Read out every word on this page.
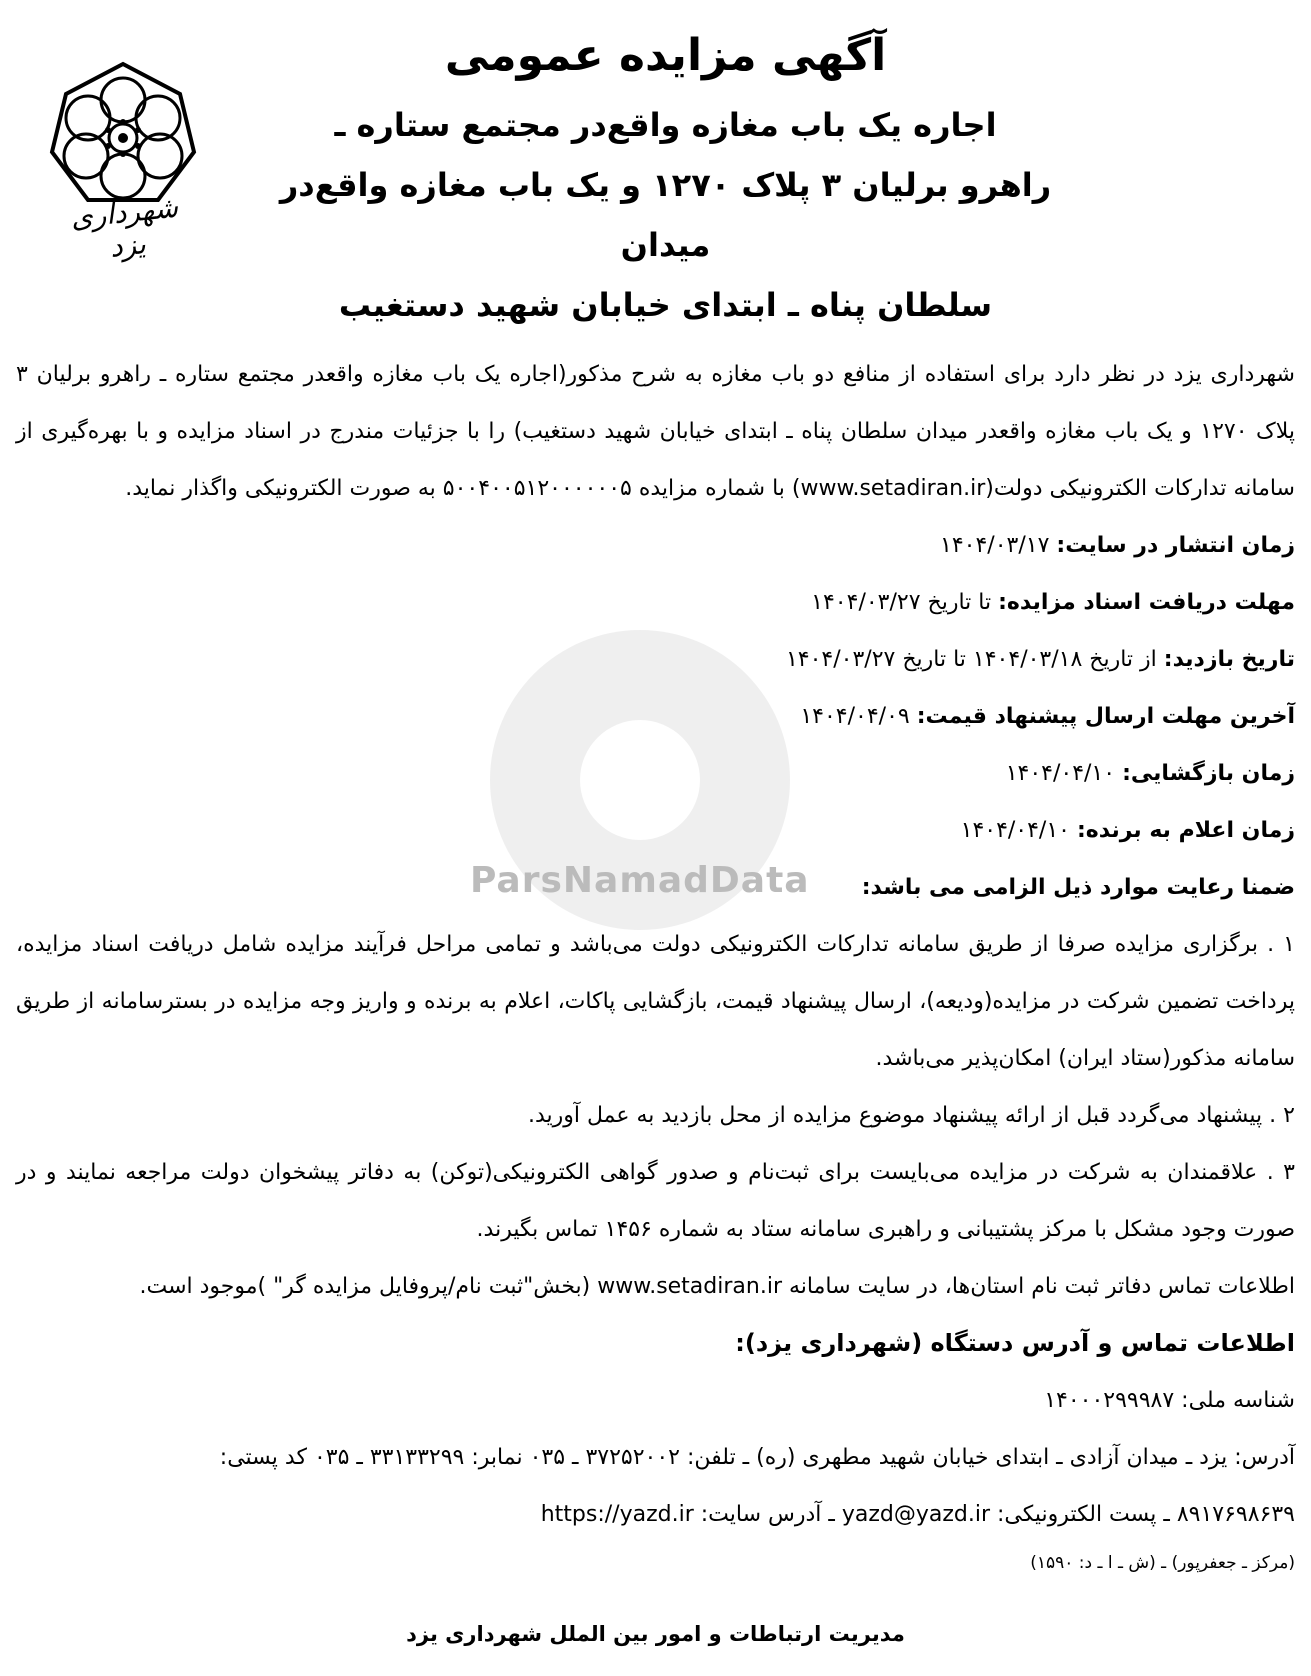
شهرداری یزد
آگهی مزایده عمومی
اجاره یک باب مغازه واقع‌در مجتمع ستاره ـ
راهرو برلیان ۳ پلاک ۱۲۷۰ و یک باب مغازه واقع‌در میدان
سلطان پناه ـ ابتدای خیابان شهید دستغیب
ParsNamadData

شهرداری یزد در نظر دارد برای استفاده از منافع دو باب مغازه به شرح مذکور(اجاره یک باب مغازه واقعدر مجتمع ستاره ـ راهرو برلیان ۳ پلاک ۱۲۷۰ و یک باب مغازه واقعدر میدان سلطان پناه ـ ابتدای خیابان شهید دستغیب) را با جزئیات مندرج در اسناد مزایده و با بهره‌گیری از سامانه تدارکات الکترونیکی دولت(www.setadiran.ir) با شماره مزایده ۵۰۰۴۰۰۵۱۲۰۰۰۰۰۰۵ به صورت الکترونیکی واگذار نماید.

زمان انتشار در سایت: ۱۴۰۴/۰۳/۱۷

مهلت دریافت اسناد مزایده: تا تاریخ ۱۴۰۴/۰۳/۲۷

تاریخ بازدید: از تاریخ ۱۴۰۴/۰۳/۱۸ تا تاریخ ۱۴۰۴/۰۳/۲۷

آخرین مهلت ارسال پیشنهاد قیمت: ۱۴۰۴/۰۴/۰۹

زمان بازگشایی: ۱۴۰۴/۰۴/۱۰

زمان اعلام به برنده: ۱۴۰۴/۰۴/۱۰

ضمنا رعایت موارد ذیل الزامی می باشد:

۱ . برگزاری مزایده صرفا از طریق سامانه تدارکات الکترونیکی دولت می‌باشد و تمامی مراحل فرآیند مزایده شامل دریافت اسناد مزایده، پرداخت تضمین شرکت در مزایده(ودیعه)، ارسال پیشنهاد قیمت، بازگشایی پاکات، اعلام به برنده و واریز وجه مزایده در بسترسامانه از طریق سامانه مذکور(ستاد ایران) امکان‌پذیر می‌باشد.

۲ . پیشنهاد می‌گردد قبل از ارائه پیشنهاد موضوع مزایده از محل بازدید به عمل آورید.

۳ . علاقمندان به شرکت در مزایده می‌بایست برای ثبت‌نام و صدور گواهی الکترونیکی(توکن) به دفاتر پیشخوان دولت مراجعه نمایند و در صورت وجود مشکل با مرکز پشتیبانی و راهبری سامانه ستاد به شماره ۱۴۵۶ تماس بگیرند.

اطلاعات تماس دفاتر ثبت نام استان‌ها، در سایت سامانه www.setadiran.ir (بخش"ثبت نام/پروفایل مزایده گر" )موجود است.

اطلاعات تماس و آدرس دستگاه (شهرداری یزد):

شناسه ملی: ۱۴۰۰۰۲۹۹۹۸۷

آدرس: یزد ـ میدان آزادی ـ ابتدای خیابان شهید مطهری (ره) ـ تلفن: ۳۷۲۵۲۰۰۲ ـ ۰۳۵ نمابر: ۳۳۱۳۳۲۹۹ ـ ۰۳۵ کد پستی:

۸۹۱۷۶۹۸۶۳۹ ـ پست الکترونیکی: yazd@yazd.ir ـ آدرس سایت: https://yazd.ir

(مرکز ـ جعفرپور) ـ (ش ـ ا ـ د: ۱۵۹۰)

مدیریت ارتباطات و امور بین الملل شهرداری یزد
